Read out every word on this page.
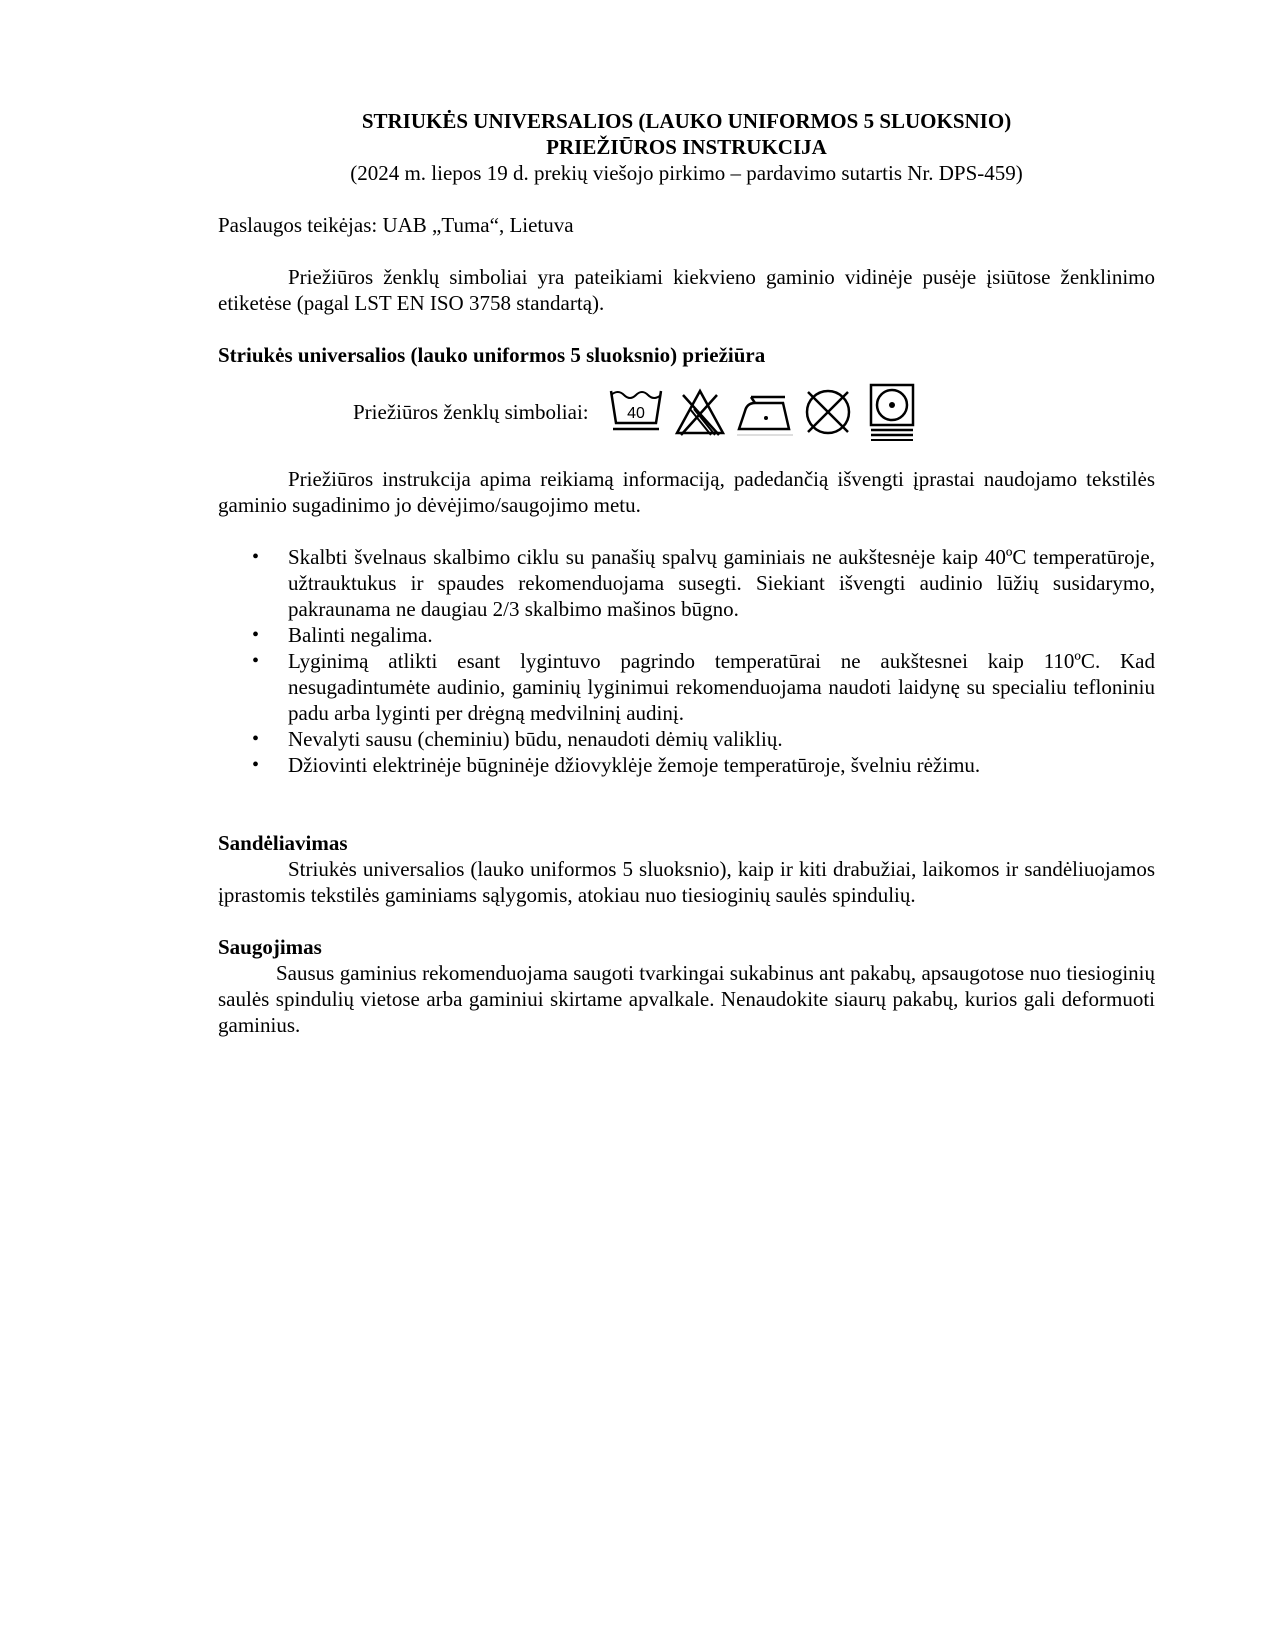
STRIUKĖS UNIVERSALIOS (LAUKO UNIFORMOS 5 SLUOKSNIO)
PRIEŽIŪROS INSTRUKCIJA
(2024 m. liepos 19 d. prekių viešojo pirkimo – pardavimo sutartis Nr. DPS-459)
Paslaugos teikėjas: UAB „Tuma“, Lietuva

Priežiūros ženklų simboliai yra pateikiami kiekvieno gaminio vidinėje pusėje įsiūtose ženklinimo etiketėse (pagal LST EN ISO 3758 standartą).

Striukės universalios (lauko uniformos 5 sluoksnio) priežiūra
Priežiūros ženklų simboliai: 40

Priežiūros instrukcija apima reikiamą informaciją, padedančią išvengti įprastai naudojamo tekstilės gaminio sugadinimo jo dėvėjimo/saugojimo metu.

• Skalbti švelnaus skalbimo ciklu su panašių spalvų gaminiais ne aukštesnėje kaip 40ºC temperatūroje, užtrauktukus ir spaudes rekomenduojama susegti. Siekiant išvengti audinio lūžių susidarymo, pakraunama ne daugiau 2/3 skalbimo mašinos būgno.
• Balinti negalima.
• Lyginimą atlikti esant lygintuvo pagrindo temperatūrai ne aukštesnei kaip 110ºC. Kad nesugadintumėte audinio, gaminių lyginimui rekomenduojama naudoti laidynę su specialiu tefloniniu padu arba lyginti per drėgną medvilninį audinį.
• Nevalyti sausu (cheminiu) būdu, nenaudoti dėmių valiklių.
• Džiovinti elektrinėje būgninėje džiovyklėje žemoje temperatūroje, švelniu rėžimu.
Sandėliavimas

Striukės universalios (lauko uniformos 5 sluoksnio), kaip ir kiti drabužiai, laikomos ir sandėliuojamos įprastomis tekstilės gaminiams sąlygomis, atokiau nuo tiesioginių saulės spindulių.

Saugojimas

Sausus gaminius rekomenduojama saugoti tvarkingai sukabinus ant pakabų, apsaugotose nuo tiesioginių saulės spindulių vietose arba gaminiui skirtame apvalkale. Nenaudokite siaurų pakabų, kurios gali deformuoti gaminius.
